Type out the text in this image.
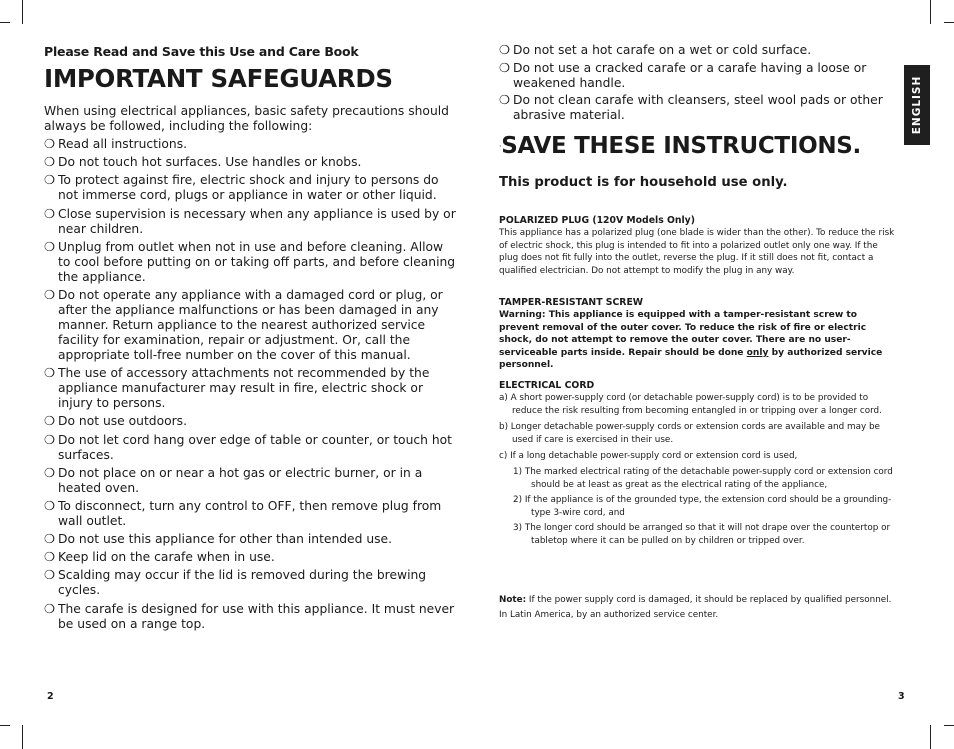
Please Read and Save this Use and Care Book
IMPORTANT SAFEGUARDS
When using electrical appliances, basic safety precautions should always be followed, including the following:
❍ Read all instructions.
❍ Do not touch hot surfaces. Use handles or knobs.
❍ To protect against fire, electric shock and injury to persons do not immerse cord, plugs or appliance in water or other liquid.
❍ Close supervision is necessary when any appliance is used by or near children.
❍ Unplug from outlet when not in use and before cleaning. Allow to cool before putting on or taking off parts, and before cleaning the appliance.
❍ Do not operate any appliance with a damaged cord or plug, or after the appliance malfunctions or has been damaged in any manner. Return appliance to the nearest authorized service facility for examination, repair or adjustment. Or, call the appropriate toll-free number on the cover of this manual.
❍ The use of accessory attachments not recommended by the appliance manufacturer may result in fire, electric shock or injury to persons.
❍ Do not use outdoors.
❍ Do not let cord hang over edge of table or counter, or touch hot surfaces.
❍ Do not place on or near a hot gas or electric burner, or in a heated oven.
❍ To disconnect, turn any control to OFF, then remove plug from wall outlet.
❍ Do not use this appliance for other than intended use.
❍ Keep lid on the carafe when in use.
❍ Scalding may occur if the lid is removed during the brewing cycles.
❍ The carafe is designed for use with this appliance. It must never be used on a range top.
2
❍ Do not set a hot carafe on a wet or cold surface.
❍ Do not use a cracked carafe or a carafe having a loose or weakened handle.
❍ Do not clean carafe with cleansers, steel wool pads or other abrasive material.
·SAVE THESE INSTRUCTIONS.
This product is for household use only.
POLARIZED PLUG (120V Models Only)
This appliance has a polarized plug (one blade is wider than the other). To reduce the risk of electric shock, this plug is intended to fit into a polarized outlet only one way. If the plug does not fit fully into the outlet, reverse the plug. If it still does not fit, contact a qualified electrician. Do not attempt to modify the plug in any way.
TAMPER-RESISTANT SCREW
Warning: This appliance is equipped with a tamper-resistant screw to prevent removal of the outer cover. To reduce the risk of fire or electric shock, do not attempt to remove the outer cover. There are no user-serviceable parts inside. Repair should be done only by authorized service personnel.
ELECTRICAL CORD
a) A short power-supply cord (or detachable power-supply cord) is to be provided to reduce the risk resulting from becoming entangled in or tripping over a longer cord.
b) Longer detachable power-supply cords or extension cords are available and may be used if care is exercised in their use.
c) If a long detachable power-supply cord or extension cord is used,
1) The marked electrical rating of the detachable power-supply cord or extension cord should be at least as great as the electrical rating of the appliance,
2) If the appliance is of the grounded type, the extension cord should be a grounding-type 3-wire cord, and
3) The longer cord should be arranged so that it will not drape over the countertop or tabletop where it can be pulled on by children or tripped over.
Note: If the power supply cord is damaged, it should be replaced by qualified personnel. In Latin America, by an authorized service center.
3
ENGLISH
